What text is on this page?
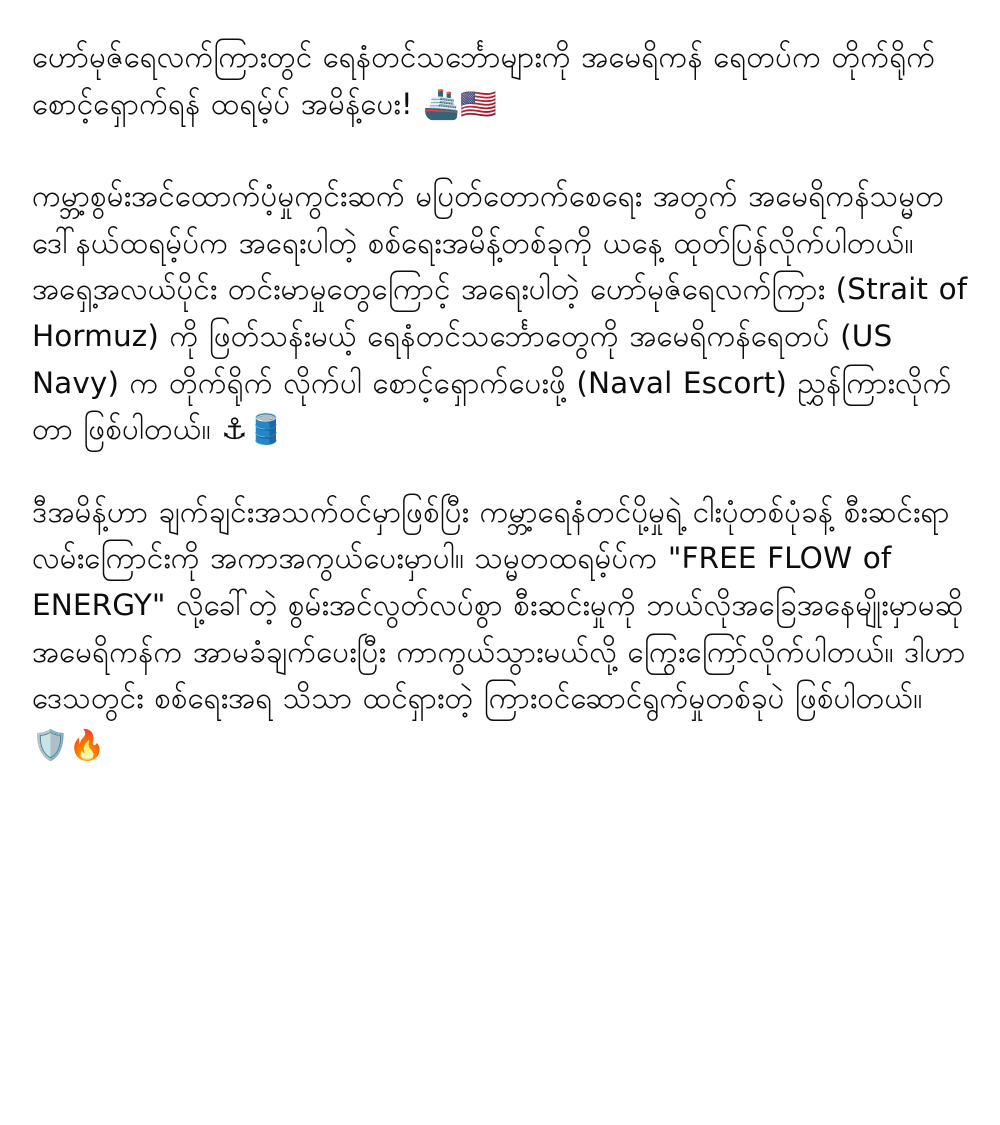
ဟော်မုဇ်ရေလက်ကြားတွင် ရေနံတင်သင်္ဘောများကို အမေရိကန် ရေတပ်က တိုက်ရိုက်စောင့်ရှောက်ရန် ထရမ့်ပ် အမိန့်ပေး! 🚢🇺🇸

ကမ္ဘာ့စွမ်းအင်ထောက်ပံ့မှုကွင်းဆက် မပြတ်တောက်စေရေး အတွက် အမေရိကန်သမ္မတ ဒေါ်နယ်ထရမ့်ပ်က အရေးပါတဲ့ စစ်ရေးအမိန့်တစ်ခုကို ယနေ့ ထုတ်ပြန်လိုက်ပါတယ်။ အရှေ့အလယ်ပိုင်း တင်းမာမှုတွေကြောင့် အရေးပါတဲ့ ဟော်မုဇ်ရေလက်ကြား (Strait of Hormuz) ကို ဖြတ်သန်းမယ့် ရေနံတင်သင်္ဘောတွေကို အမေရိကန်ရေတပ် (US Navy) က တိုက်ရိုက် လိုက်ပါ စောင့်ရှောက်ပေးဖို့ (Naval Escort) ညွှန်ကြားလိုက်တာ ဖြစ်ပါတယ်။ ⚓🛢️

ဒီအမိန့်ဟာ ချက်ချင်းအသက်ဝင်မှာဖြစ်ပြီး ကမ္ဘာ့ရေနံတင်ပို့မှုရဲ့ ငါးပုံတစ်ပုံခန့် စီးဆင်းရာ လမ်းကြောင်းကို အကာအကွယ်ပေးမှာပါ။ သမ္မတထရမ့်ပ်က "FREE FLOW of ENERGY" လို့ခေါ်တဲ့ စွမ်းအင်လွတ်လပ်စွာ စီးဆင်းမှုကို ဘယ်လိုအခြေအနေမျိုးမှာမဆို အမေရိကန်က အာမခံချက်ပေးပြီး ကာကွယ်သွားမယ်လို့ ကြွေးကြော်လိုက်ပါတယ်။ ဒါဟာ ဒေသတွင်း စစ်ရေးအရ သိသာ ထင်ရှားတဲ့ ကြားဝင်ဆောင်ရွက်မှုတစ်ခုပဲ ဖြစ်ပါတယ်။ 🛡️🔥
